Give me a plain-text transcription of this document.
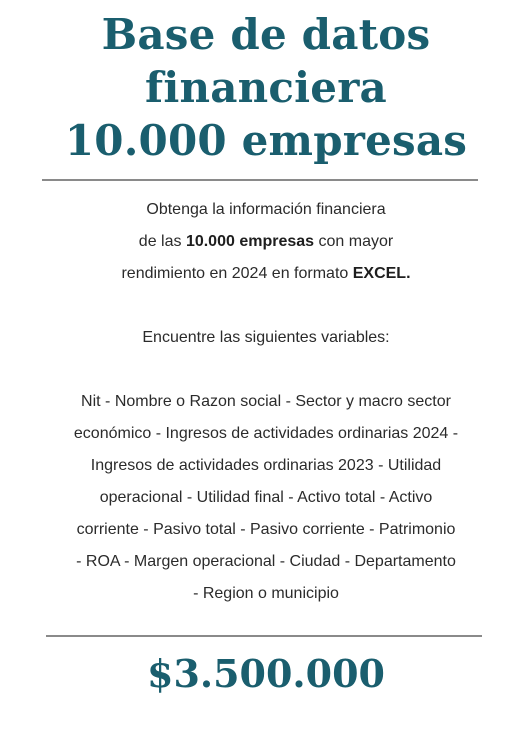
Base de datos
financiera
10.000 empresas
Obtenga la información financiera
de las 10.000 empresas con mayor
rendimiento en 2024 en formato EXCEL.
Encuentre las siguientes variables:
Nit - Nombre o Razon social - Sector y macro sector
económico - Ingresos de actividades ordinarias 2024 -
Ingresos de actividades ordinarias 2023 - Utilidad
operacional - Utilidad final - Activo total - Activo
corriente - Pasivo total - Pasivo corriente - Patrimonio
- ROA - Margen operacional - Ciudad - Departamento
- Region o municipio
$3.500.000
